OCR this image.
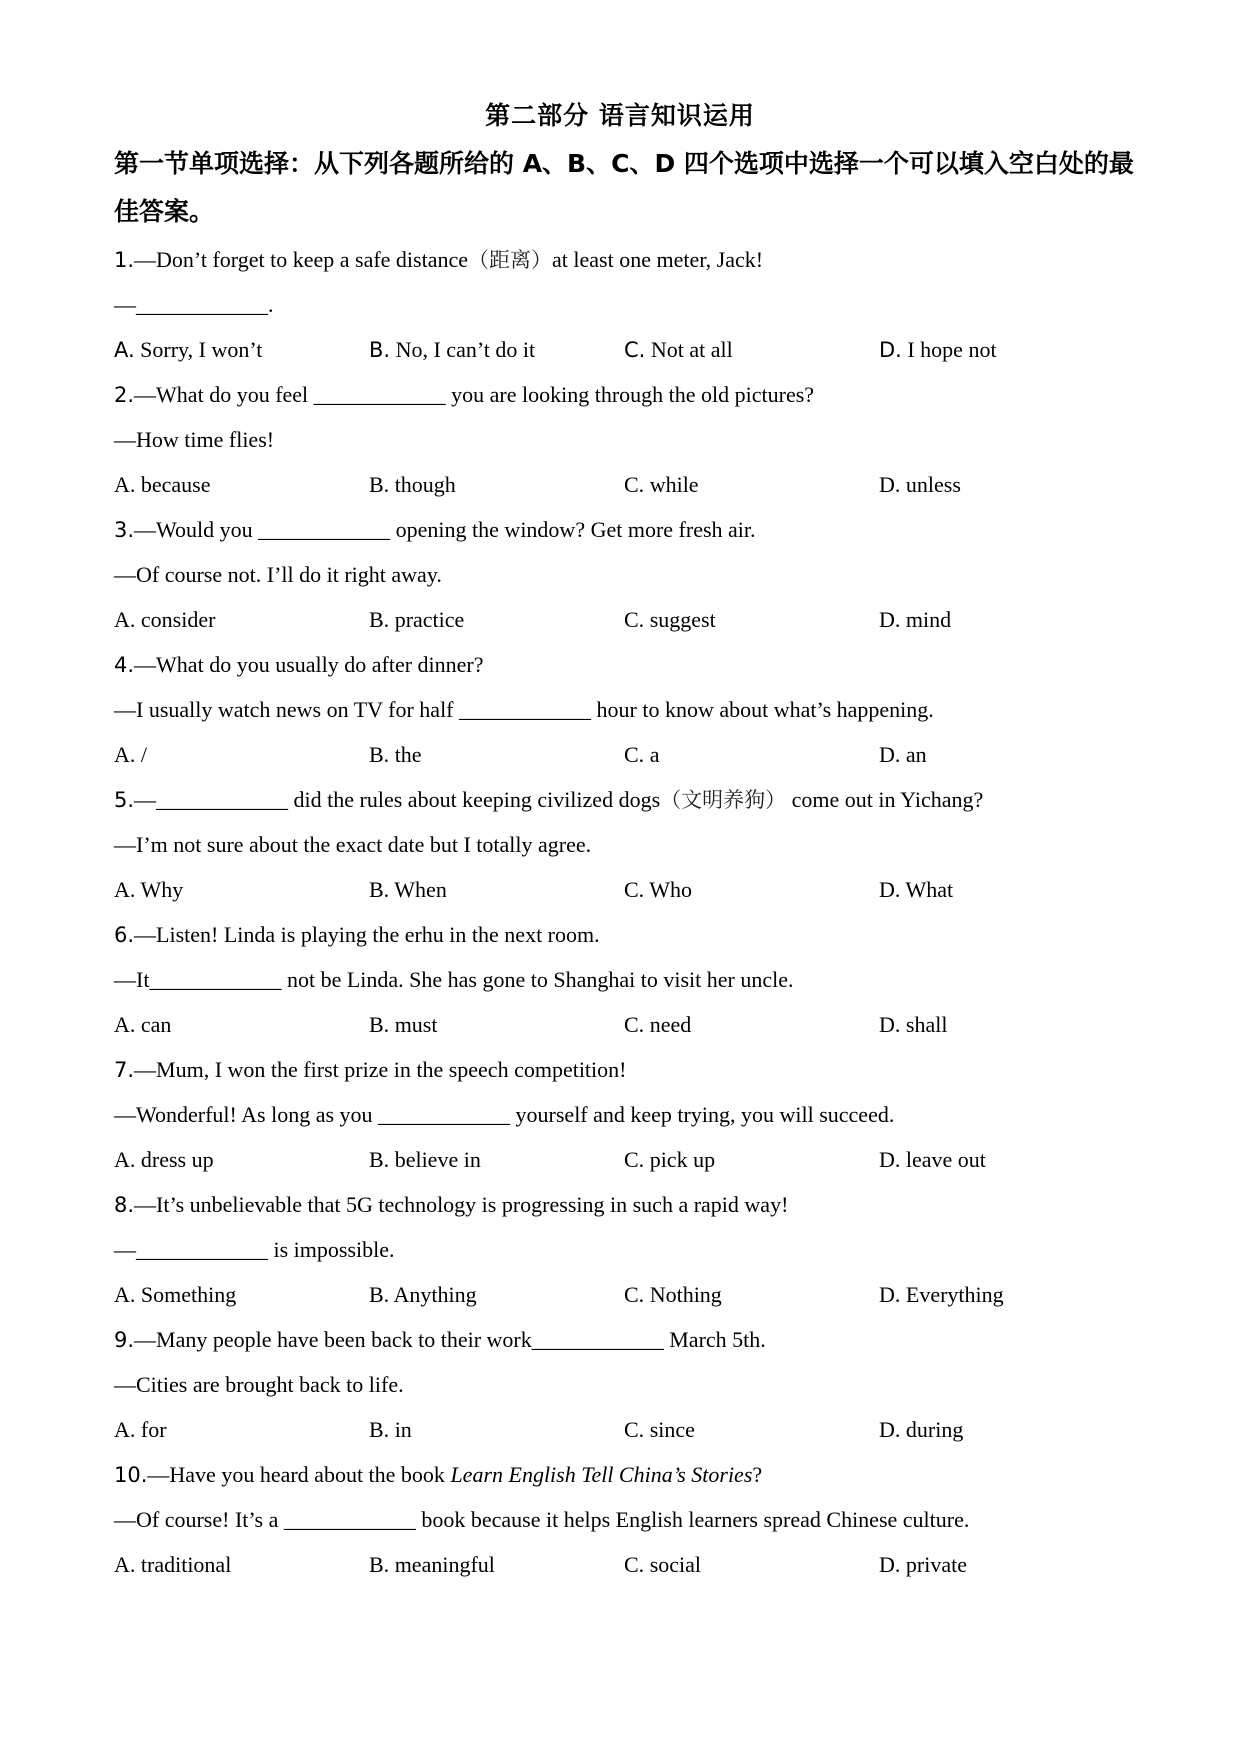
第二部分 语言知识运用
第一节单项选择：从下列各题所给的 A、B、C、D 四个选项中选择一个可以填入空白处的最佳答案。
1.—Don’t forget to keep a safe distance（距离）at least one meter, Jack!
—____________.
A. Sorry, I won’t	B. No, I can’t do it	C. Not at all	D. I hope not
2.—What do you feel ____________ you are looking through the old pictures?
—How time flies!
A. because	B. though	C. while	D. unless
3.—Would you ____________ opening the window? Get more fresh air.
—Of course not. I’ll do it right away.
A. consider	B. practice	C. suggest	D. mind
4.—What do you usually do after dinner?
—I usually watch news on TV for half ____________ hour to know about what’s happening.
A. /	B. the	C. a	D. an
5.—____________ did the rules about keeping civilized dogs（文明养狗） come out in Yichang?
—I’m not sure about the exact date but I totally agree.
A. Why	B. When	C. Who	D. What
6.—Listen! Linda is playing the erhu in the next room.
—It____________ not be Linda. She has gone to Shanghai to visit her uncle.
A. can	B. must	C. need	D. shall
7.—Mum, I won the first prize in the speech competition!
—Wonderful! As long as you ____________ yourself and keep trying, you will succeed.
A. dress up	B. believe in	C. pick up	D. leave out
8.—It’s unbelievable that 5G technology is progressing in such a rapid way!
—____________ is impossible.
A. Something	B. Anything	C. Nothing	D. Everything
9.—Many people have been back to their work____________ March 5th.
—Cities are brought back to life.
A. for	B. in	C. since	D. during
10.—Have you heard about the book Learn English Tell China’s Stories?
—Of course! It’s a ____________ book because it helps English learners spread Chinese culture.
A. traditional	B. meaningful	C. social	D. private
